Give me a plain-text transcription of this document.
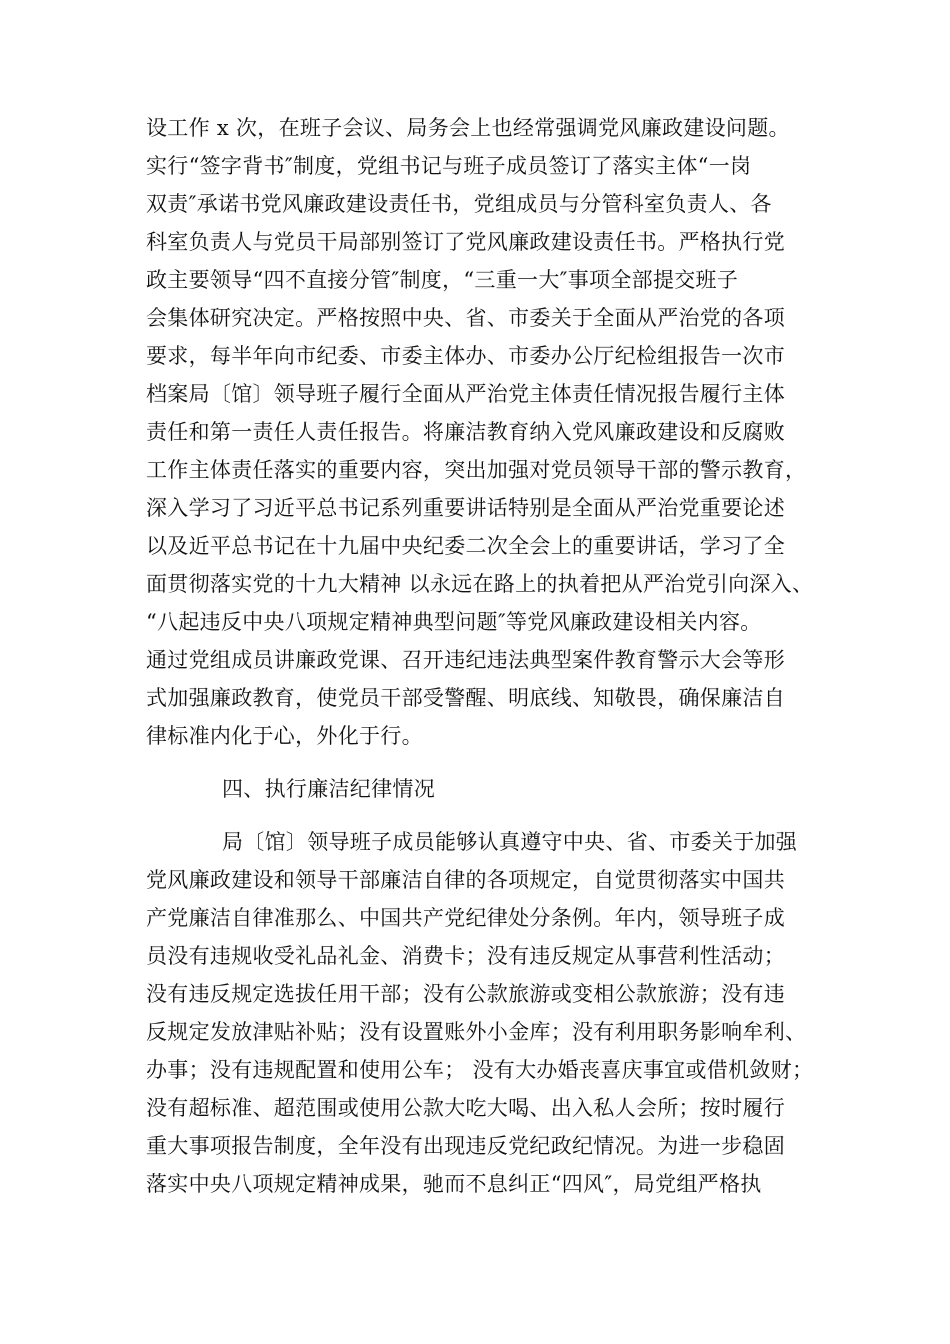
设工作 x 次，在班子会议、局务会上也经常强调党风廉政建设问题。
实行“签字背书″制度，党组书记与班子成员签订了落实主体“一岗
双责″承诺书党风廉政建设责任书，党组成员与分管科室负责人、各
科室负责人与党员干局部别签订了党风廉政建设责任书。严格执行党
政主要领导“四不直接分管″制度，“三重一大″事项全部提交班子
会集体研究决定。严格按照中央、省、市委关于全面从严治党的各项
要求，每半年向市纪委、市委主体办、市委办公厅纪检组报告一次市
档案局〔馆〕领导班子履行全面从严治党主体责任情况报告履行主体
责任和第一责任人责任报告。将廉洁教育纳入党风廉政建设和反腐败
工作主体责任落实的重要内容，突出加强对党员领导干部的警示教育，
深入学习了习近平总书记系列重要讲话特别是全面从严治党重要论述
以及近平总书记在十九届中央纪委二次全会上的重要讲话，学习了全
面贯彻落实党的十九大精神 以永远在路上的执着把从严治党引向深入、
“八起违反中央八项规定精神典型问题″等党风廉政建设相关内容。
通过党组成员讲廉政党课、召开违纪违法典型案件教育警示大会等形
式加强廉政教育，使党员干部受警醒、明底线、知敬畏，确保廉洁自
律标准内化于心，外化于行。
四、执行廉洁纪律情况
局〔馆〕领导班子成员能够认真遵守中央、省、市委关于加强
党风廉政建设和领导干部廉洁自律的各项规定，自觉贯彻落实中国共
产党廉洁自律准那么、中国共产党纪律处分条例。年内，领导班子成
员没有违规收受礼品礼金、消费卡；没有违反规定从事营利性活动；
没有违反规定选拔任用干部；没有公款旅游或变相公款旅游；没有违
反规定发放津贴补贴；没有设置账外小金库；没有利用职务影响牟利、
办事；没有违规配置和使用公车； 没有大办婚丧喜庆事宜或借机敛财；
没有超标准、超范围或使用公款大吃大喝、出入私人会所；按时履行
重大事项报告制度，全年没有出现违反党纪政纪情况。为进一步稳固
落实中央八项规定精神成果，驰而不息纠正“四风″，局党组严格执
